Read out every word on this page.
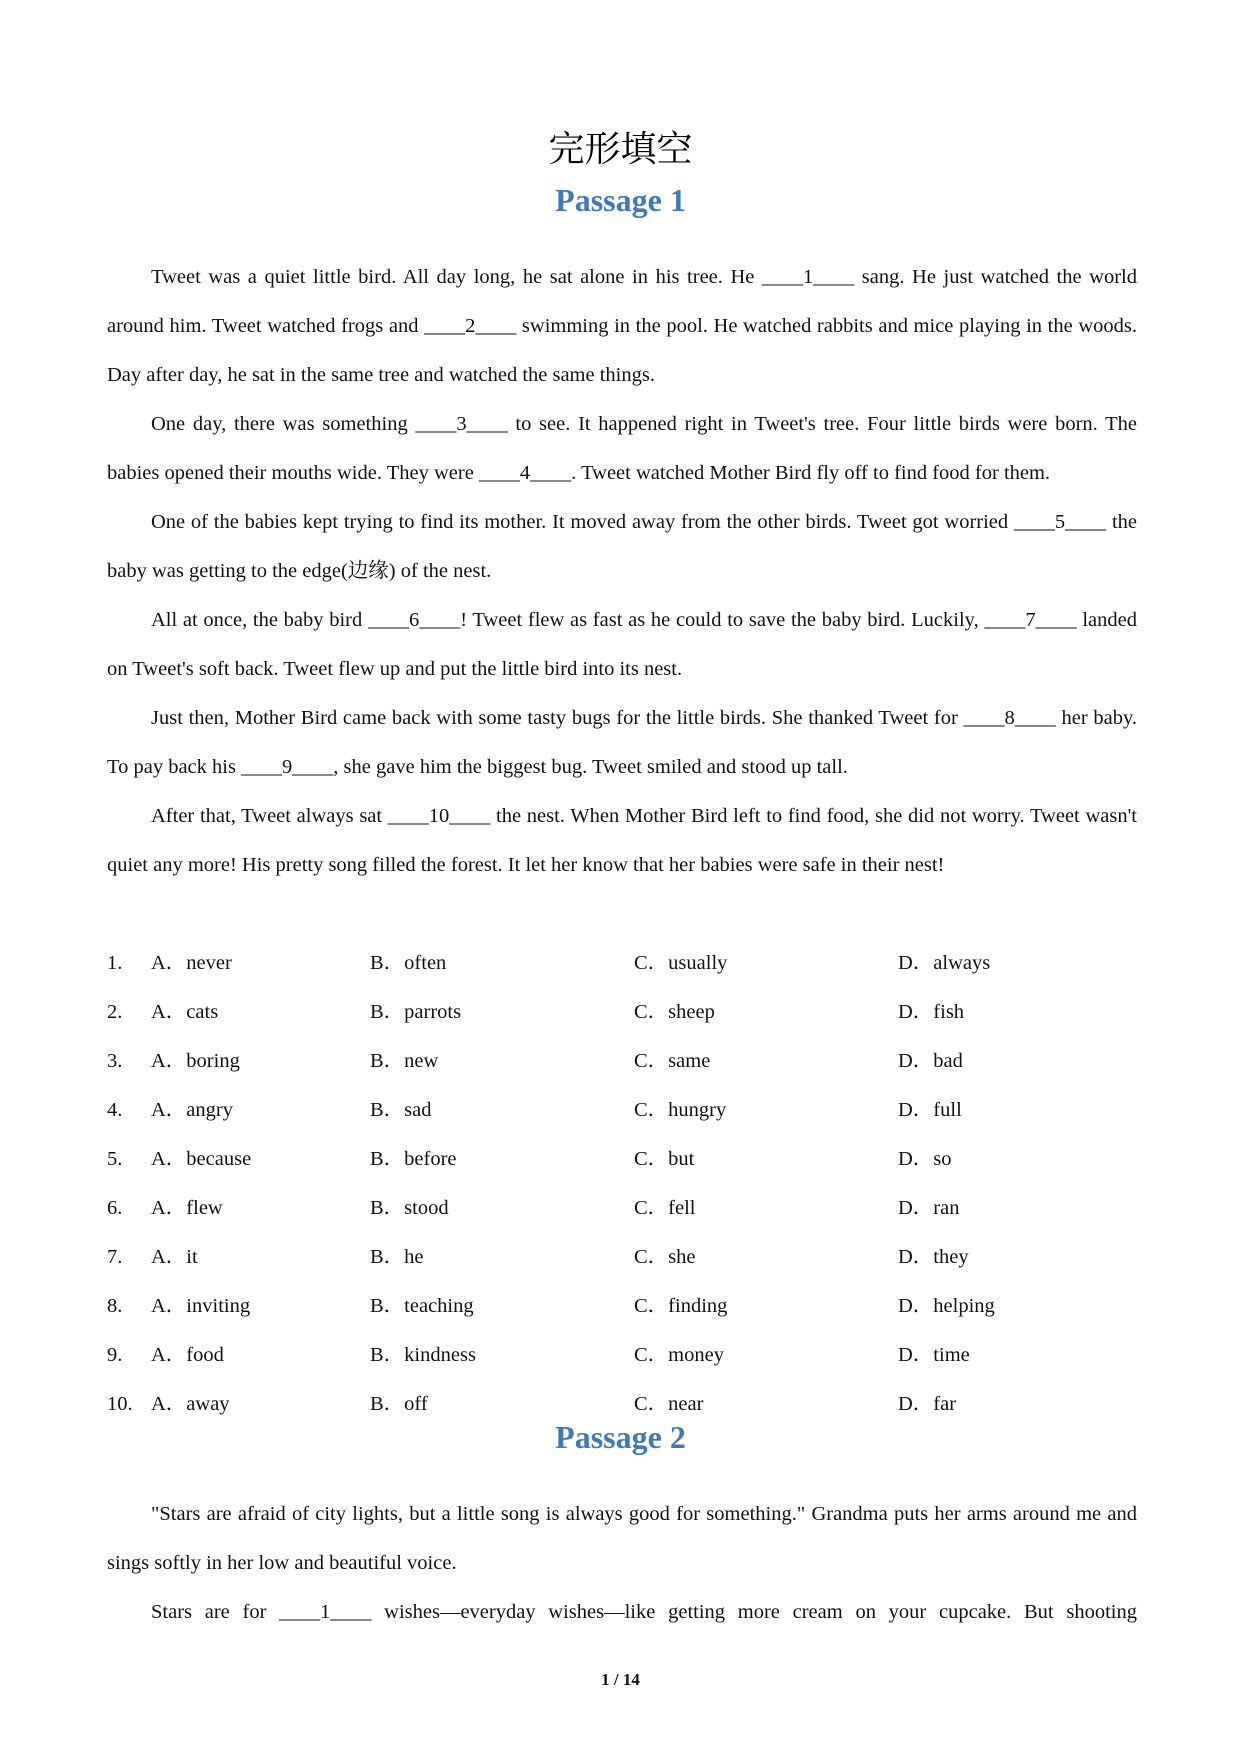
完形填空
Passage 1

Tweet was a quiet little bird. All day long, he sat alone in his tree. He ____1____ sang. He just watched the world around him. Tweet watched frogs and ____2____ swimming in the pool. He watched rabbits and mice playing in the woods. Day after day, he sat in the same tree and watched the same things.

One day, there was something ____3____ to see. It happened right in Tweet's tree. Four little birds were born. The babies opened their mouths wide. They were ____4____. Tweet watched Mother Bird fly off to find food for them.

One of the babies kept trying to find its mother. It moved away from the other birds. Tweet got worried ____5____ the baby was getting to the edge(边缘) of the nest.

All at once, the baby bird ____6____! Tweet flew as fast as he could to save the baby bird. Luckily, ____7____ landed on Tweet's soft back. Tweet flew up and put the little bird into its nest.

Just then, Mother Bird came back with some tasty bugs for the little birds. She thanked Tweet for ____8____ her baby. To pay back his ____9____, she gave him the biggest bug. Tweet smiled and stood up tall.

After that, Tweet always sat ____10____ the nest. When Mother Bird left to find food, she did not worry. Tweet wasn't quiet any more! His pretty song filled the forest. It let her know that her babies were safe in their nest!

1. A．never	B．often	C．usually	D．always
2. A．cats	B．parrots	C．sheep	D．fish
3. A．boring	B．new	C．same	D．bad
4. A．angry	B．sad	C．hungry	D．full
5. A．because	B．before	C．but	D．so
6. A．flew	B．stood	C．fell	D．ran
7. A．it	B．he	C．she	D．they
8. A．inviting	B．teaching	C．finding	D．helping
9. A．food	B．kindness	C．money	D．time
10. A．away	B．off	C．near	D．far
Passage 2

"Stars are afraid of city lights, but a little song is always good for something." Grandma puts her arms around me and sings softly in her low and beautiful voice.

Stars are for ____1____ wishes—everyday wishes—like getting more cream on your cupcake. But shooting

1 / 14
